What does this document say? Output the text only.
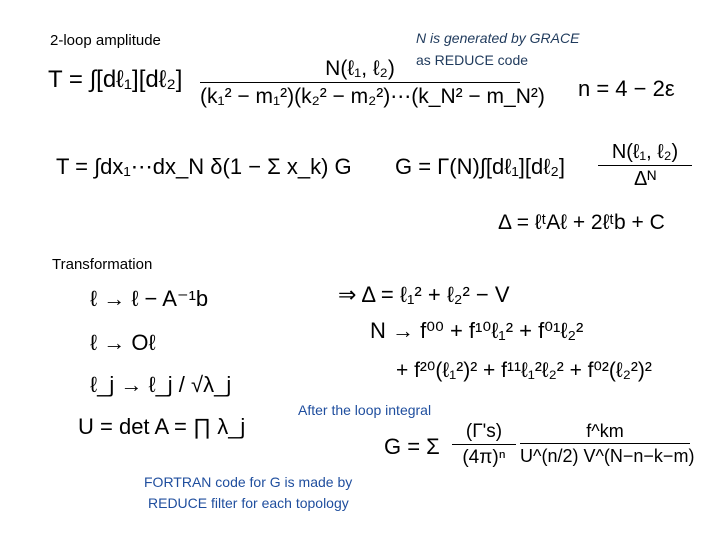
2-loop amplitude	N is generated by GRACE
as REDUCE code
T = ∫[dℓ₁][dℓ₂]	N(ℓ₁, ℓ₂)
(k₁² − m₁²)(k₂² − m₂²)⋯(k_N² − m_N²) n = 4 − 2ε
T = ∫dx₁⋯dx_N δ(1 − Σ x_k) G G = Γ(N)∫[dℓ₁][dℓ₂]
N(ℓ₁, ℓ₂)
Δᴺ
Δ = ℓᵗAℓ + 2ℓᵗb + C
Transformation
ℓ → ℓ − A⁻¹b
ℓ → Oℓ
ℓ_j → ℓ_j / √λ_j
U = det A = ∏ λ_j
⇒ Δ = ℓ₁² + ℓ₂² − V
N → f⁰⁰ + f¹⁰ℓ₁² + f⁰¹ℓ₂²
+ f²⁰(ℓ₁²)² + f¹¹ℓ₁²ℓ₂² + f⁰²(ℓ₂²)²
After the loop integral
G = Σ
(Γ's)
(4π)ⁿ
f^km
U^(n/2) V^(N−n−k−m)
FORTRAN code for G is made by
REDUCE filter for each topology
